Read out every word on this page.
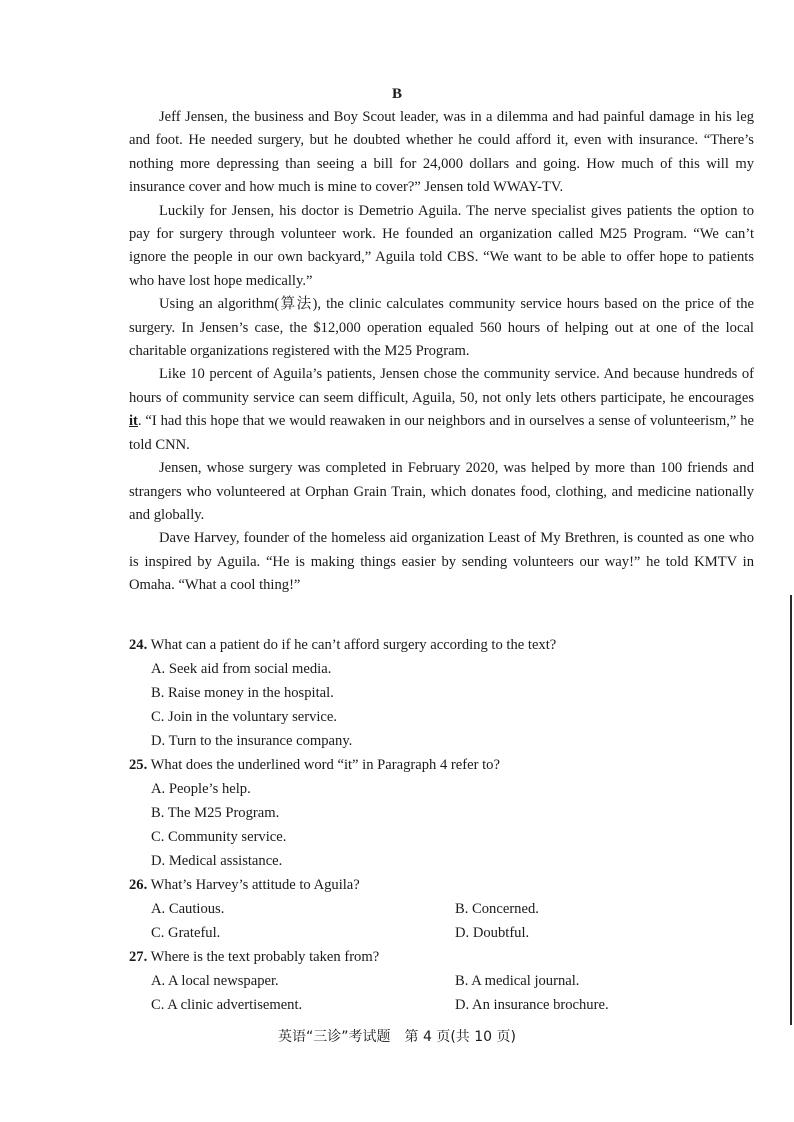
B

Jeff Jensen, the business and Boy Scout leader, was in a dilemma and had painful damage in his leg and foot. He needed surgery, but he doubted whether he could afford it, even with insurance. “There’s nothing more depressing than seeing a bill for 24,000 dollars and going. How much of this will my insurance cover and how much is mine to cover?” Jensen told WWAY-TV.

Luckily for Jensen, his doctor is Demetrio Aguila. The nerve specialist gives patients the option to pay for surgery through volunteer work. He founded an organization called M25 Program. “We can’t ignore the people in our own backyard,” Aguila told CBS. “We want to be able to offer hope to patients who have lost hope medically.”

Using an algorithm(算法), the clinic calculates community service hours based on the price of the surgery. In Jensen’s case, the $12,000 operation equaled 560 hours of helping out at one of the local charitable organizations registered with the M25 Program.

Like 10 percent of Aguila’s patients, Jensen chose the community service. And because hundreds of hours of community service can seem difficult, Aguila, 50, not only lets others participate, he encourages it. “I had this hope that we would reawaken in our neighbors and in ourselves a sense of volunteerism,” he told CNN.

Jensen, whose surgery was completed in February 2020, was helped by more than 100 friends and strangers who volunteered at Orphan Grain Train, which donates food, clothing, and medicine nationally and globally.

Dave Harvey, founder of the homeless aid organization Least of My Brethren, is counted as one who is inspired by Aguila. “He is making things easier by sending volunteers our way!” he told KMTV in Omaha. “What a cool thing!”

24. What can a patient do if he can’t afford surgery according to the text?
A. Seek aid from social media.
B. Raise money in the hospital.
C. Join in the voluntary service.
D. Turn to the insurance company.
25. What does the underlined word “it” in Paragraph 4 refer to?
A. People’s help.
B. The M25 Program.
C. Community service.
D. Medical assistance.
26. What’s Harvey’s attitude to Aguila?
A. Cautious.	B. Concerned.
C. Grateful.	D. Doubtful.
27. Where is the text probably taken from?
A. A local newspaper.	B. A medical journal.
C. A clinic advertisement.	D. An insurance brochure.
英语“三诊”考试题　第 4 页(共 10 页)
